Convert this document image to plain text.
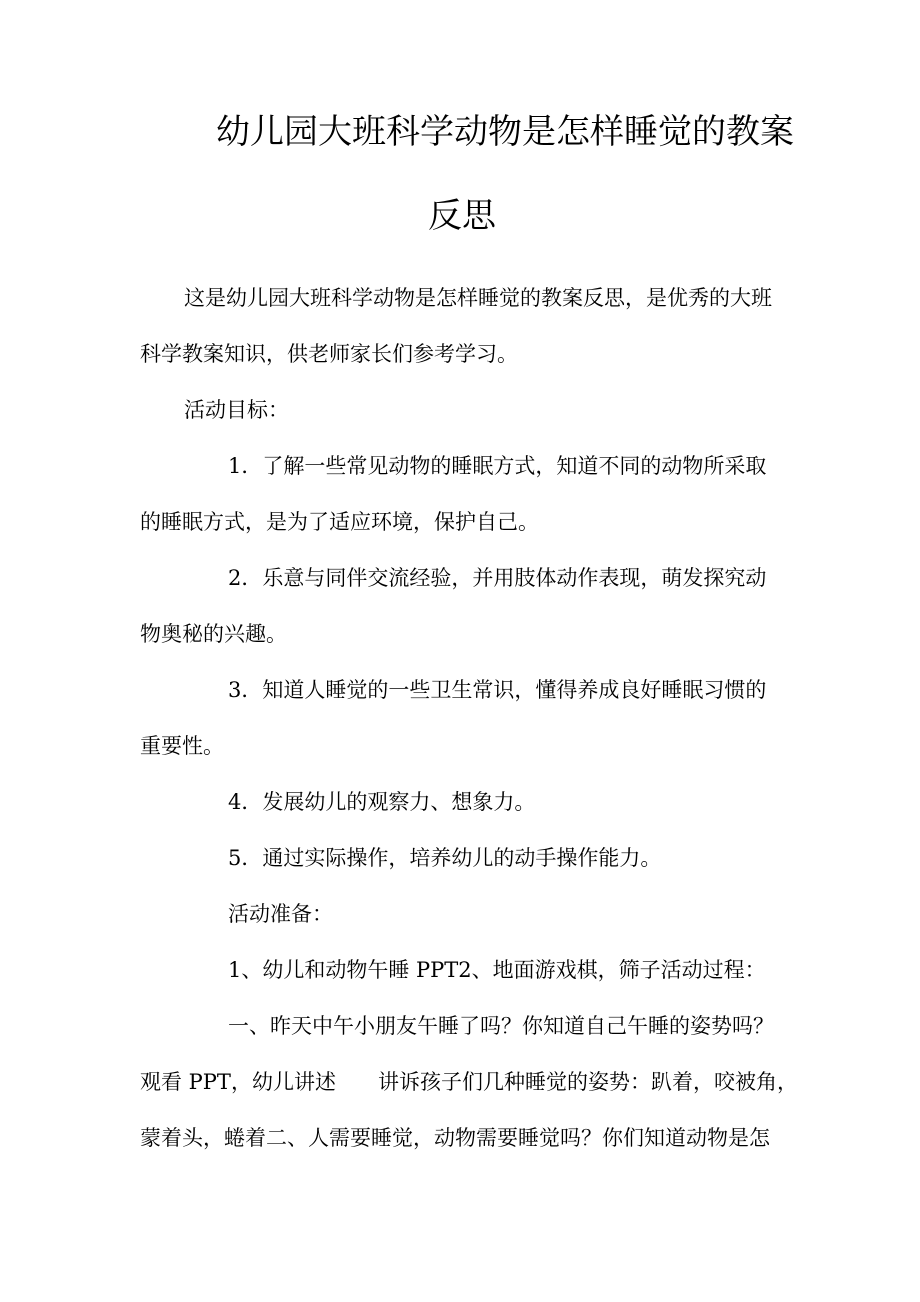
幼儿园大班科学动物是怎样睡觉的教案
反思
这是幼儿园大班科学动物是怎样睡觉的教案反思，是优秀的大班
科学教案知识，供老师家长们参考学习。
活动目标：
1．了解一些常见动物的睡眠方式，知道不同的动物所采取
的睡眠方式，是为了适应环境，保护自己。
2．乐意与同伴交流经验，并用肢体动作表现，萌发探究动
物奥秘的兴趣。
3．知道人睡觉的一些卫生常识，懂得养成良好睡眠习惯的
重要性。
4．发展幼儿的观察力、想象力。
5．通过实际操作，培养幼儿的动手操作能力。
活动准备：
1、幼儿和动物午睡 PPT2、地面游戏棋，筛子活动过程：
一、昨天中午小朋友午睡了吗？你知道自己午睡的姿势吗？
观看 PPT，幼儿讲述　　讲诉孩子们几种睡觉的姿势：趴着，咬被角，
蒙着头，蜷着二、人需要睡觉，动物需要睡觉吗？你们知道动物是怎
